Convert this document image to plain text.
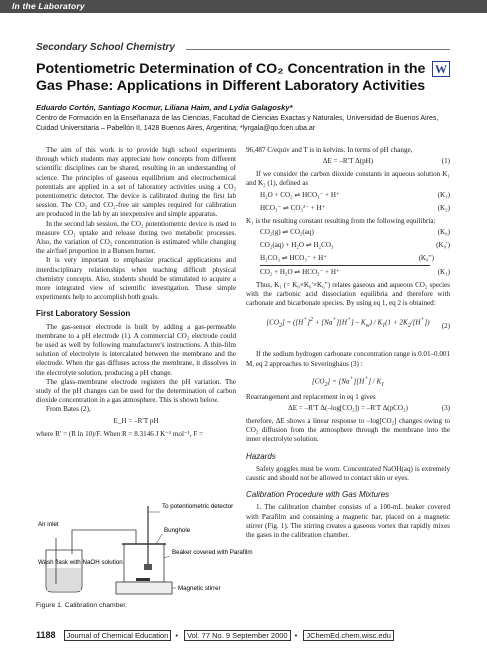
In the Laboratory
Secondary School Chemistry
Potentiometric Determination of CO₂ Concentration in the Gas Phase: Applications in Different Laboratory Activities
W
Eduardo Cortón, Santiago Kocmur, Liliana Haim, and Lydia Galagosky*
Centro de Formación en la Enseñanaza de las Ciencias, Facultad de Ciencias Exactas y Naturales, Universidad de Buenos Aires, Cuidad Universitaria – Pabellón II, 1428 Buenos Aires, Argentina; *lyrgala@qo.fcen.uba.ar

The aim of this work is to provide high school experiments through which students may appreciate how concepts from different scientific disciplines can be shared, resulting in an understanding of science. The principles of gaseous equilibrium and electrochemical potentials are applied in a set of laboratory activities using a CO₂ potentiometric detector. The device is calibrated during the first lab session. The CO₂ and CO₂-free air samples required for calibration are produced in the lab by an inexpensive and simple apparatus.

In the second lab session, the CO₂ potentiometric device is used to measure CO₂ uptake and release during two metabolic processes. Also, the variation of CO₂ concentration is estimated while changing the air/fuel proportion in a Bunsen burner.

It is very important to emphasize practical applications and interdisciplinary relationships when teaching difficult physical chemistry concepts. Also, students should be stimulated to acquire a more integrated view of scientific investigation. These simple experiments help to accomplish both goals.

First Laboratory Session

The gas-sensor electrode is built by adding a gas-permeable membrane to a pH electrode (1). A commercial CO₂ electrode could be used as well by following manufacturer's instructions. A thin-film solution of electrolyte is intercalated between the membrane and the electrode. When the gas diffuses across the membrane, it dissolves in the electrolyte solution, producing a pH change.

The glass-membrane electrode registers the pH variation. The study of the pH changes can be used for the determination of carbon dioxide concentration in a gas atmosphere. This is shown below.

From Bates (2),

E_H = –R′T pH

where R′ = (R ln 10)/F. When R = 8.3146 J K⁻¹ mol⁻¹, F =

To potentiometric detector
Bunghole
Air inlet
Beaker covered with Parafilm
Wash flask with NaOH solution
Magnetic stirrer
Figure 1. Calibration chamber.

96,487 C/equiv and T is in kelvins. In terms of pH change,

ΔE = –R′T Δ(pH)	(1)

If we consider the carbon dioxide constants in aqueous solution K₁ and K₂ (1), defined as

H₂O + CO₂ ⇌ HCO₃⁻ + H⁺	(K₁)
HCO₃⁻ ⇌ CO₃²⁻ + H⁺	(K₂)

K₁ is the resulting constant resulting from the following equilibria:

CO₂(g) ⇌ CO₂(aq)	(K₀)
CO₂(aq) + H₂O ⇌ H₂CO₃	(K₀′)
H₂CO₃ ⇌ HCO₃⁻ + H⁺	(K₀′′)
CO₂ + H₂O ⇌ HCO₃⁻ + H⁺	(K₁)

Thus, K₁ (= K₀×K₀′×K₀′′) relates gaseous and aqueous CO₂ species with the carbonic acid dissociation equilibria and therefore with carbonate and bicarbonate species. By using eq 1, eq 2 is obtained:

$[CO_2] = ([H^+]^2 + [Na^+][H^+] - K_w) / K_1(1 + 2K_2/[H^+])$	(2)

If the sodium hydrogen carbonate concentration range is 0.01–0.001 M, eq 2 approaches to Severinghaus (3) :

$[CO_2] = [Na^+][H^+] / K_1$

Rearrangement and replacement in eq 1 gives

ΔE = –R′T Δ(–log[CO₂]) = –R′T Δ(pCO₂)	(3)

therefore, ΔE shows a linear response to –log[CO₂] changes owing to CO₂ diffusion from the atmosphere through the membrane into the inner electrolyte solution.

Hazards

Safety goggles must be worn. Concentrated NaOH(aq) is extremely caustic and should not be allowed to contact skin or eyes.

Calibration Procedure with Gas Mixtures

1. The calibration chamber consists of a 100-mL beaker covered with Parafilm and containing a magnetic bar, placed on a magnetic stirrer (Fig. 1). The stirring creates a gaseous vortex that rapidly mixes the gases in the calibration chamber.

1188 Journal of Chemical Education • Vol. 77 No. 9 September 2000 • JChemEd.chem.wisc.edu
